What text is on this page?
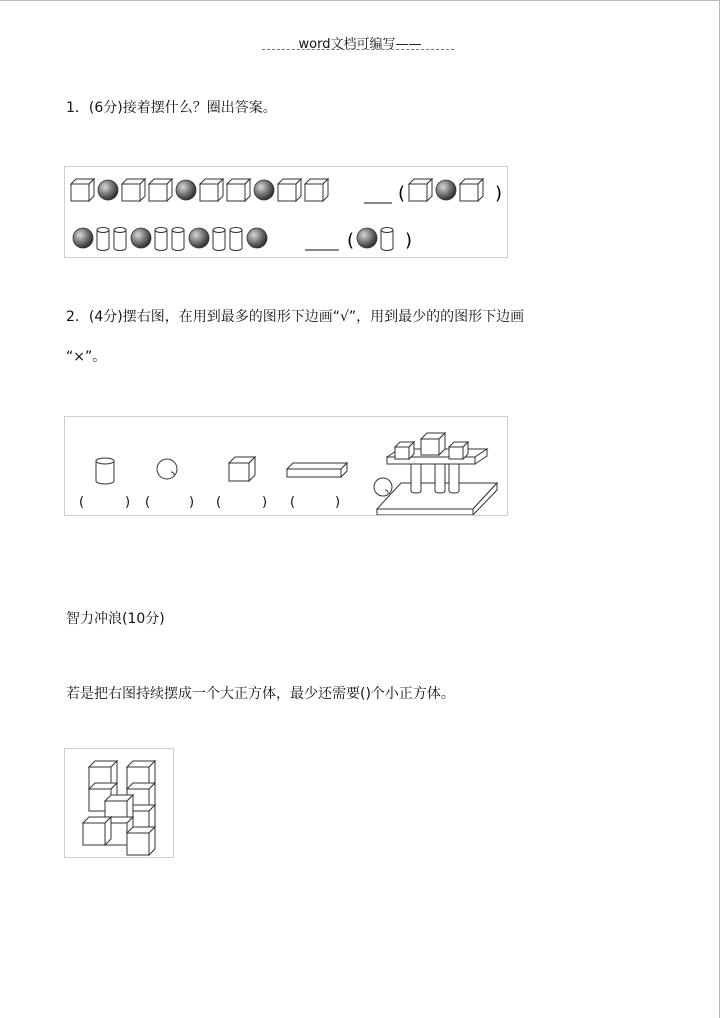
word文档可编写——
1．(6分)接着摆什么？圈出答案。
(	)
(	)
2．(4分)摆右图，在用到最多的图形下边画“√”，用到最少的的图形下边画
“×”。
(	) (	) (	) (	)
智力冲浪(10分)
若是把右图持续摆成一个大正方体，最少还需要()个小正方体。
